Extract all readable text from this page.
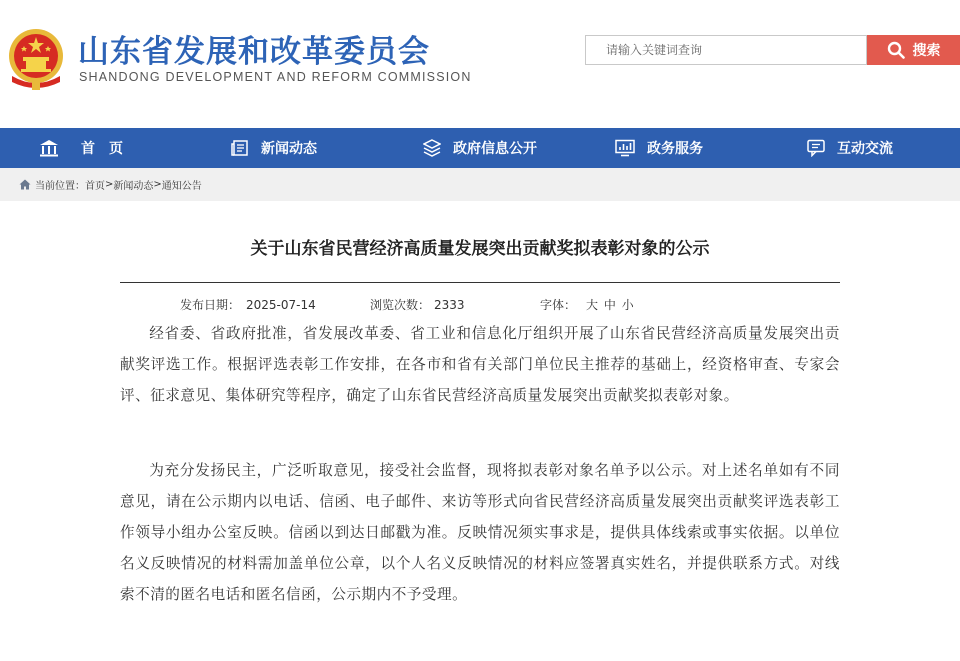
山东省发展和改革委员会
SHANDONG DEVELOPMENT AND REFORM COMMISSION
请输入关键词查询
搜索
首　页	新闻动态	政府信息公开	政务服务	互动交流
当前位置： 首页 > 新闻动态 > 通知公告
关于山东省民营经济高质量发展突出贡献奖拟表彰对象的公示
发布日期： 2025-07-14	浏览次数： 2333	字体： 大 中 小

经省委、省政府批准，省发展改革委、省工业和信息化厅组织开展了山东省民营经济高质量发展突出贡献奖评选工作。根据评选表彰工作安排，在各市和省有关部门单位民主推荐的基础上，经资格审查、专家会评、征求意见、集体研究等程序，确定了山东省民营经济高质量发展突出贡献奖拟表彰对象。

为充分发扬民主，广泛听取意见，接受社会监督，现将拟表彰对象名单予以公示。对上述名单如有不同意见，请在公示期内以电话、信函、电子邮件、来访等形式向省民营经济高质量发展突出贡献奖评选表彰工作领导小组办公室反映。信函以到达日邮戳为准。反映情况须实事求是，提供具体线索或事实依据。以单位名义反映情况的材料需加盖单位公章，以个人名义反映情况的材料应签署真实姓名，并提供联系方式。对线索不清的匿名电话和匿名信函，公示期内不予受理。
